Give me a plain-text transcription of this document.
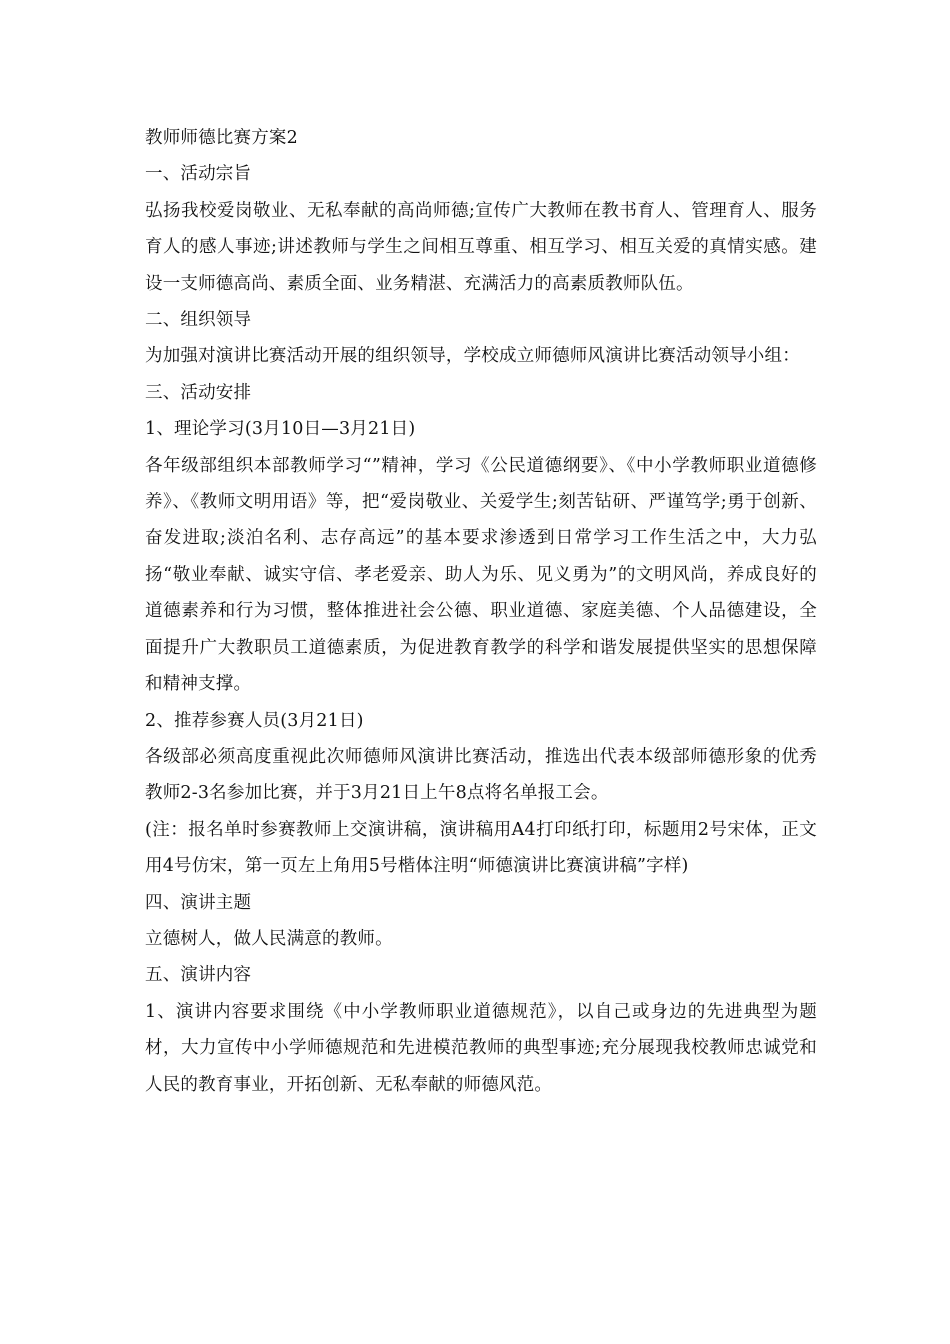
教师师德比赛方案2

一、活动宗旨

弘扬我校爱岗敬业、无私奉献的高尚师德;宣传广大教师在教书育人、管理育人、服务育人的感人事迹;讲述教师与学生之间相互尊重、相互学习、相互关爱的真情实感。建设一支师德高尚、素质全面、业务精湛、充满活力的高素质教师队伍。

二、组织领导

为加强对演讲比赛活动开展的组织领导，学校成立师德师风演讲比赛活动领导小组：

三、活动安排

1、理论学习(3月10日—3月21日)

各年级部组织本部教师学习“”精神，学习《公民道德纲要》、《中小学教师职业道德修养》、《教师文明用语》等，把“爱岗敬业、关爱学生;刻苦钻研、严谨笃学;勇于创新、奋发进取;淡泊名利、志存高远”的基本要求渗透到日常学习工作生活之中，大力弘扬“敬业奉献、诚实守信、孝老爱亲、助人为乐、见义勇为”的文明风尚，养成良好的道德素养和行为习惯，整体推进社会公德、职业道德、家庭美德、个人品德建设，全面提升广大教职员工道德素质，为促进教育教学的科学和谐发展提供坚实的思想保障和精神支撑。

2、推荐参赛人员(3月21日)

各级部必须高度重视此次师德师风演讲比赛活动，推选出代表本级部师德形象的优秀教师2-3名参加比赛，并于3月21日上午8点将名单报工会。

(注：报名单时参赛教师上交演讲稿，演讲稿用A4打印纸打印，标题用2号宋体，正文用4号仿宋，第一页左上角用5号楷体注明“师德演讲比赛演讲稿”字样)

四、演讲主题

立德树人，做人民满意的教师。

五、演讲内容

1、演讲内容要求围绕《中小学教师职业道德规范》，以自己或身边的先进典型为题材，大力宣传中小学师德规范和先进模范教师的典型事迹;充分展现我校教师忠诚党和人民的教育事业，开拓创新、无私奉献的师德风范。
